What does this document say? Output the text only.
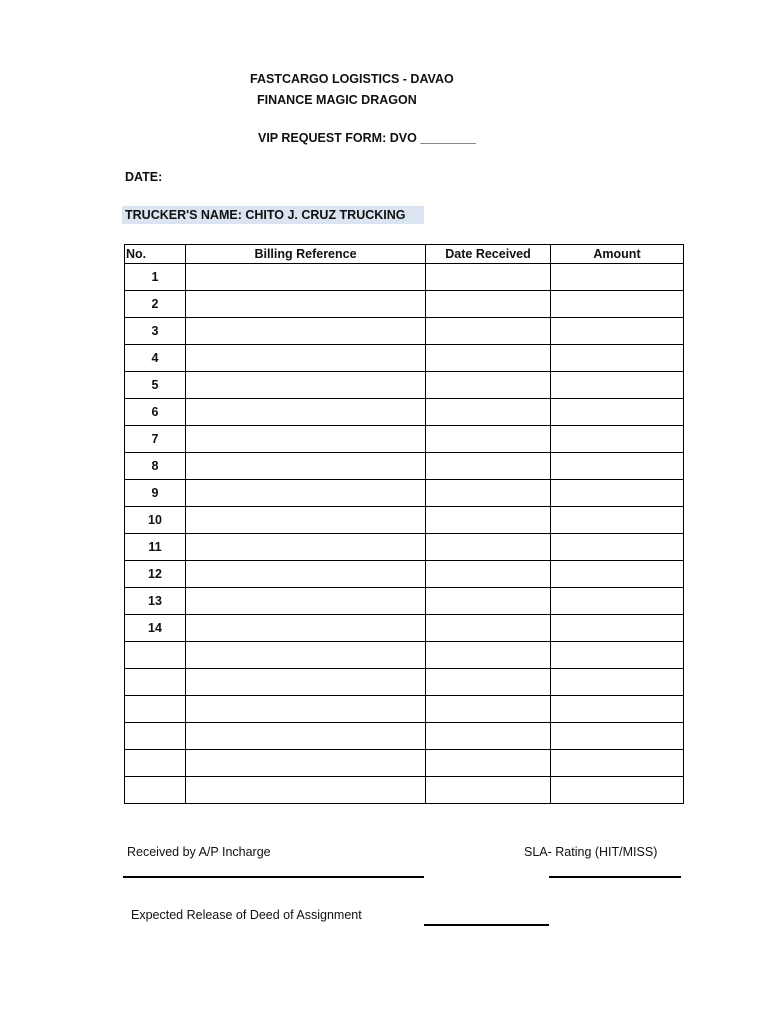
FASTCARGO LOGISTICS - DAVAO
FINANCE MAGIC DRAGON
VIP REQUEST FORM: DVO ________
DATE:
TRUCKER'S NAME: CHITO J. CRUZ TRUCKING
No.	Billing Reference	Date Received	Amount
1			
2			
3			
4			
5			
6			
7			
8			
9			
10			
11			
12			
13			
14			

Received by A/P Incharge	SLA- Rating (HIT/MISS)
Expected Release of Deed of Assignment
